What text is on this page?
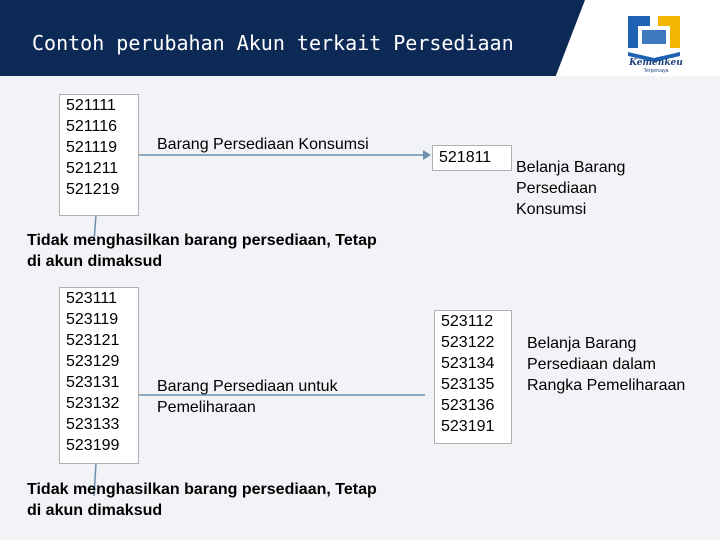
Contoh perubahan Akun terkait Persediaan
Kemenkeu
Terpercaya
521111
521116
521119
521211
521219
Barang Persediaan Konsumsi
521811
Belanja Barang Persediaan Konsumsi
Tidak menghasilkan barang persediaan, Tetap di akun dimaksud
523111
523119
523121
523129
523131
523132
523133
523199
Barang Persediaan untuk Pemeliharaan
523112
523122
523134
523135
523136
523191
Belanja Barang Persediaan dalam Rangka Pemeliharaan
Tidak menghasilkan barang persediaan, Tetap di akun dimaksud
